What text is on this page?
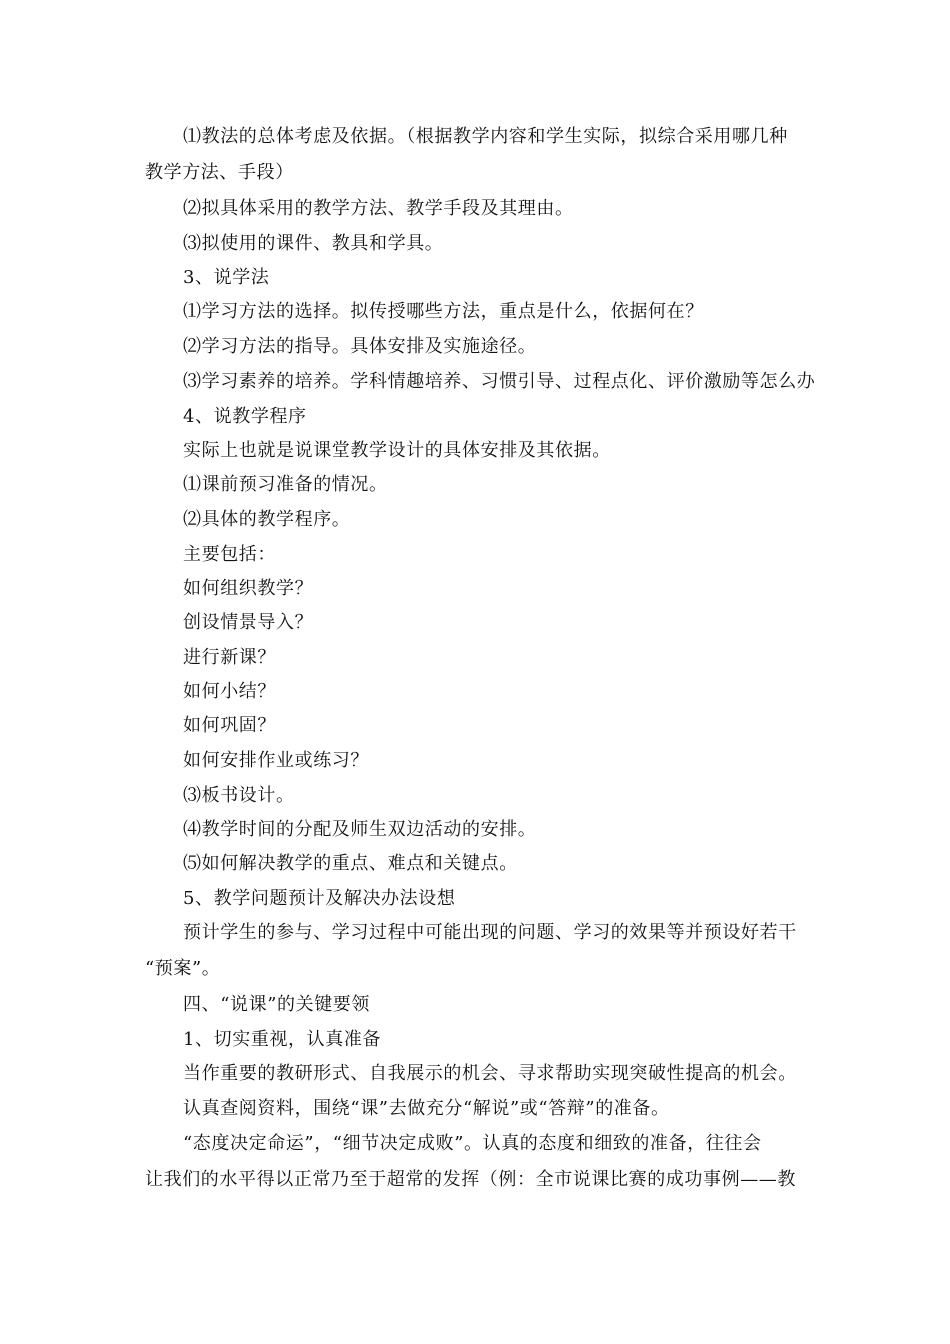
⑴教法的总体考虑及依据。（根据教学内容和学生实际，拟综合采用哪几种
教学方法、手段）
⑵拟具体采用的教学方法、教学手段及其理由。
⑶拟使用的课件、教具和学具。
3、说学法
⑴学习方法的选择。拟传授哪些方法，重点是什么，依据何在？
⑵学习方法的指导。具体安排及实施途径。
⑶学习素养的培养。学科情趣培养、习惯引导、过程点化、评价激励等怎么办
4、说教学程序
实际上也就是说课堂教学设计的具体安排及其依据。
⑴课前预习准备的情况。
⑵具体的教学程序。
主要包括：
如何组织教学？
创设情景导入？
进行新课？
如何小结？
如何巩固？
如何安排作业或练习？
⑶板书设计。
⑷教学时间的分配及师生双边活动的安排。
⑸如何解决教学的重点、难点和关键点。
5、教学问题预计及解决办法设想
预计学生的参与、学习过程中可能出现的问题、学习的效果等并预设好若干
“预案”。
四、“说课”的关键要领
1、切实重视，认真准备
当作重要的教研形式、自我展示的机会、寻求帮助实现突破性提高的机会。
认真查阅资料，围绕“课”去做充分“解说”或“答辩”的准备。
“态度决定命运”，“细节决定成败”。认真的态度和细致的准备，往往会
让我们的水平得以正常乃至于超常的发挥（例：全市说课比赛的成功事例——教
